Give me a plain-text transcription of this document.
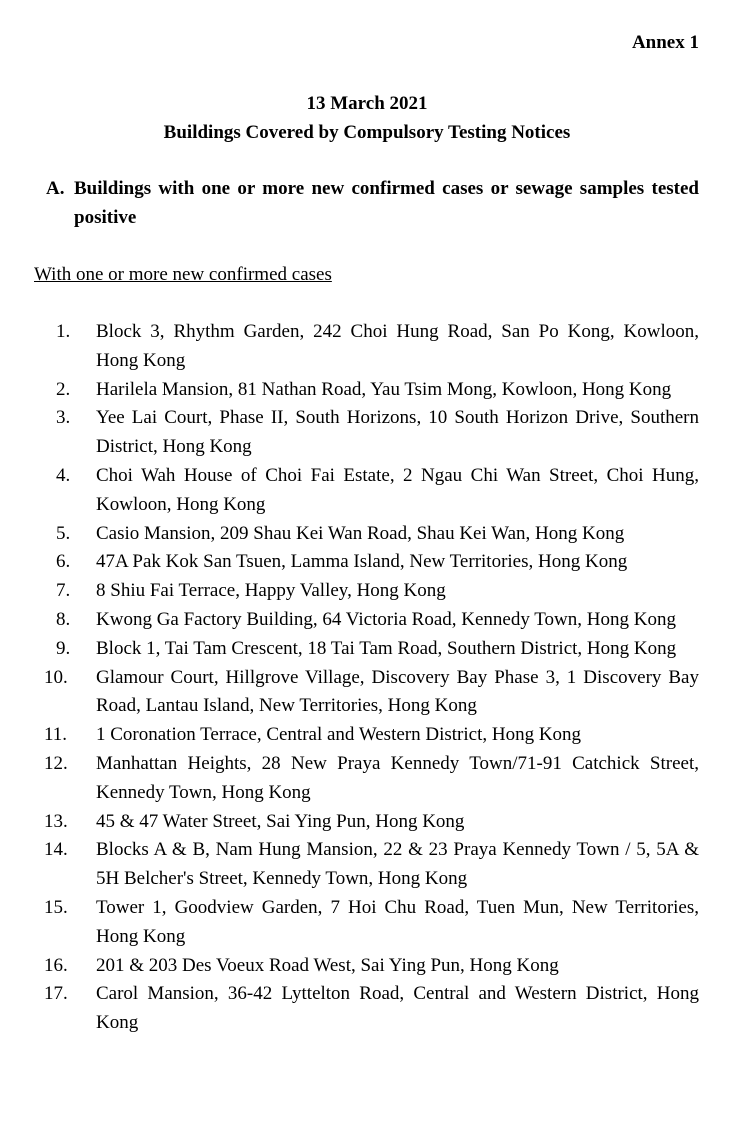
Annex 1
13 March 2021
Buildings Covered by Compulsory Testing Notices
A. Buildings with one or more new confirmed cases or sewage samples tested positive
With one or more new confirmed cases
1.	Block 3, Rhythm Garden, 242 Choi Hung Road, San Po Kong, Kowloon, Hong Kong
2.	Harilela Mansion, 81 Nathan Road, Yau Tsim Mong, Kowloon, Hong Kong
3.	Yee Lai Court, Phase II, South Horizons, 10 South Horizon Drive, Southern District, Hong Kong
4.	Choi Wah House of Choi Fai Estate, 2 Ngau Chi Wan Street, Choi Hung, Kowloon, Hong Kong
5.	Casio Mansion, 209 Shau Kei Wan Road, Shau Kei Wan, Hong Kong
6.	47A Pak Kok San Tsuen, Lamma Island, New Territories, Hong Kong
7.	8 Shiu Fai Terrace, Happy Valley, Hong Kong
8.	Kwong Ga Factory Building, 64 Victoria Road, Kennedy Town, Hong Kong
9.	Block 1, Tai Tam Crescent, 18 Tai Tam Road, Southern District, Hong Kong
10.	Glamour Court, Hillgrove Village, Discovery Bay Phase 3, 1 Discovery Bay Road, Lantau Island, New Territories, Hong Kong
11.	1 Coronation Terrace, Central and Western District, Hong Kong
12.	Manhattan Heights, 28 New Praya Kennedy Town/71-91 Catchick Street, Kennedy Town, Hong Kong
13.	45 & 47 Water Street, Sai Ying Pun, Hong Kong
14.	Blocks A & B, Nam Hung Mansion, 22 & 23 Praya Kennedy Town / 5, 5A & 5H Belcher's Street, Kennedy Town, Hong Kong
15.	Tower 1, Goodview Garden, 7 Hoi Chu Road, Tuen Mun, New Territories, Hong Kong
16.	201 & 203 Des Voeux Road West, Sai Ying Pun, Hong Kong
17.	Carol Mansion, 36-42 Lyttelton Road, Central and Western District, Hong Kong
